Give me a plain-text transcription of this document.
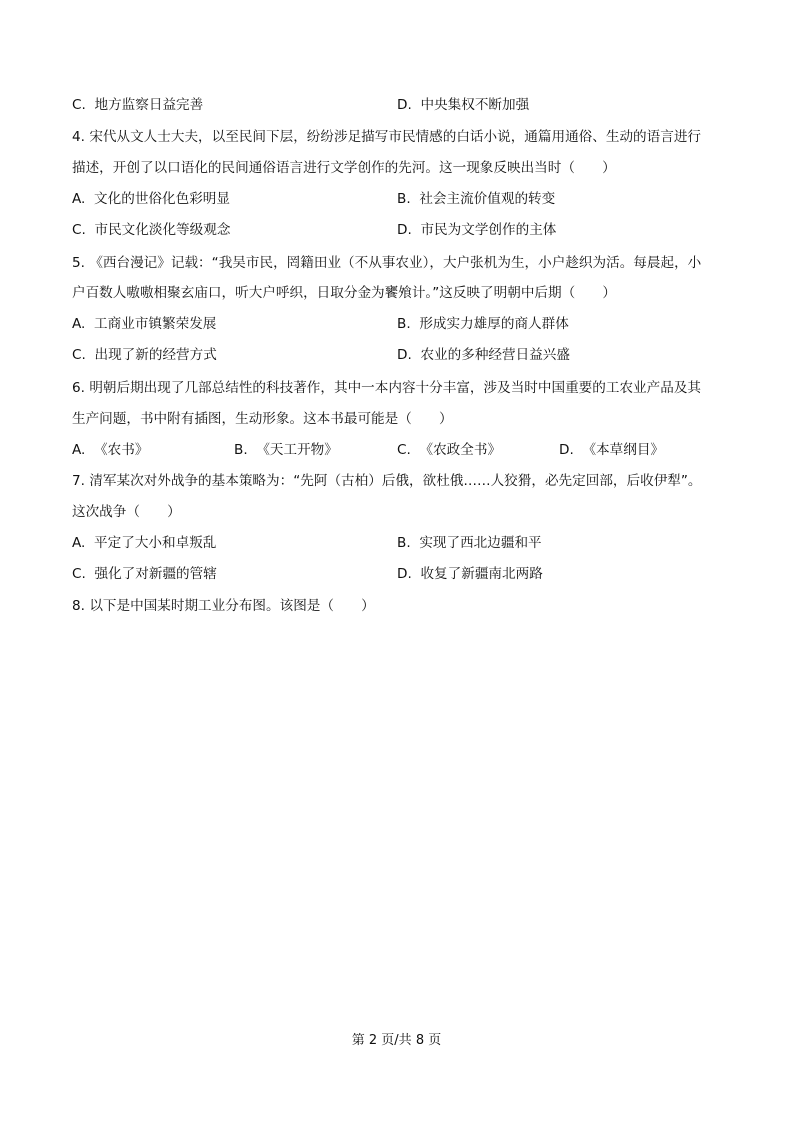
C. 地方监察日益完善	D. 中央集权不断加强
4. 宋代从文人士大夫，以至民间下层，纷纷涉足描写市民情感的白话小说，通篇用通俗、生动的语言进行
描述，开创了以口语化的民间通俗语言进行文学创作的先河。这一现象反映出当时（　　）
A. 文化的世俗化色彩明显	B. 社会主流价值观的转变
C. 市民文化淡化等级观念	D. 市民为文学创作的主体
5. 《西台漫记》记载：“我吴市民，罔籍田业（不从事农业），大户张机为生，小户趁织为活。每晨起，小
户百数人嗷嗷相聚玄庙口，听大户呼织，日取分金为饔飧计。”这反映了明朝中后期（　　）
A. 工商业市镇繁荣发展	B. 形成实力雄厚的商人群体
C. 出现了新的经营方式	D. 农业的多种经营日益兴盛
6. 明朝后期出现了几部总结性的科技著作，其中一本内容十分丰富，涉及当时中国重要的工农业产品及其
生产问题，书中附有插图，生动形象。这本书最可能是（　　）
A. 《农书》	B. 《天工开物》	C. 《农政全书》	D. 《本草纲目》
7. 清军某次对外战争的基本策略为：“先阿（古柏）后俄，欲杜俄……人狡猾，必先定回部，后收伊犁”。
这次战争（　　）
A. 平定了大小和卓叛乱	B. 实现了西北边疆和平
C. 强化了对新疆的管辖	D. 收复了新疆南北两路
8. 以下是中国某时期工业分布图。该图是（　　）
第 2 页/共 8 页
